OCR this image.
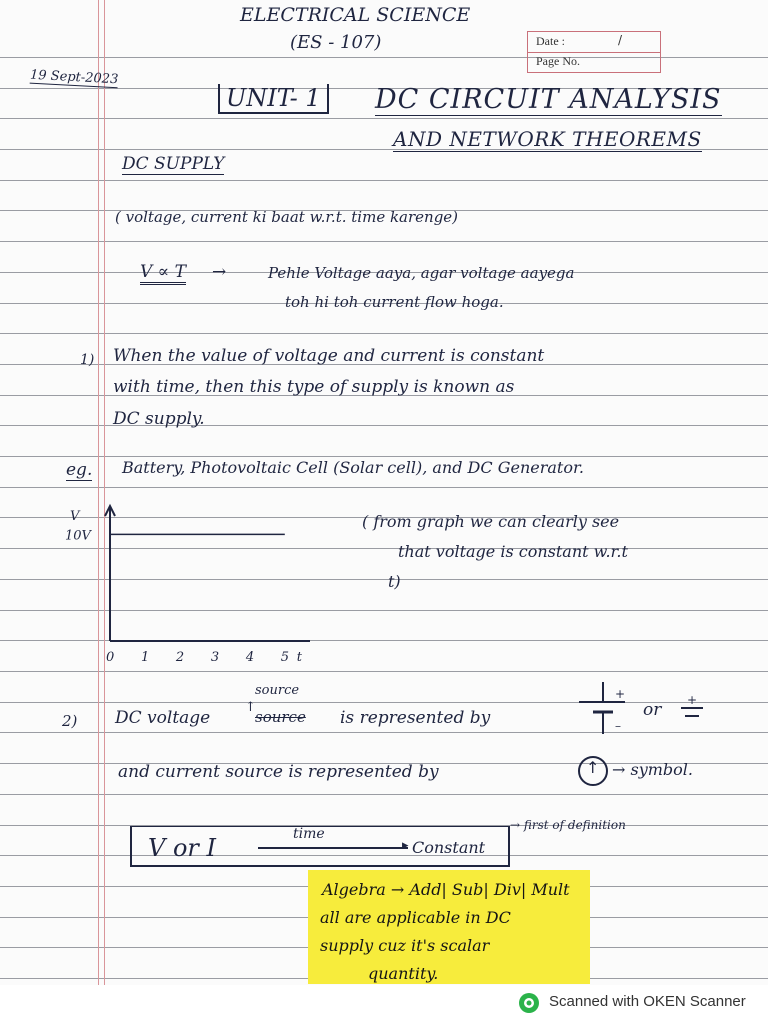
ELECTRICAL SCIENCE
(ES - 107)	Date :	/
Page No.
19 Sept-2023
UNIT- 1 DC CIRCUIT ANALYSIS
AND NETWORK THEOREMS
DC SUPPLY
( voltage, current ki baat w.r.t. time karenge)
V ∝ T →	Pehle Voltage aaya, agar voltage aayega
toh hi toh current flow hoga.
1) When the value of voltage and current is constant
with time, then this type of supply is known as
DC supply.
eg. Battery, Photovoltaic Cell (Solar cell), and DC Generator.
V
10V
0 1 2 3 4 5 t
( from graph we can clearly see
that voltage is constant w.r.t
t)
2) DC voltage
source
↑
source is represented by
+
–
+
or
and current source is represented by	↑ → symbol.
V or I	time
▸ Constant
→ first of definition
Algebra → Add| Sub| Div| Mult
all are applicable in DC
supply cuz it's scalar
quantity.
Scanned with OKEN Scanner
